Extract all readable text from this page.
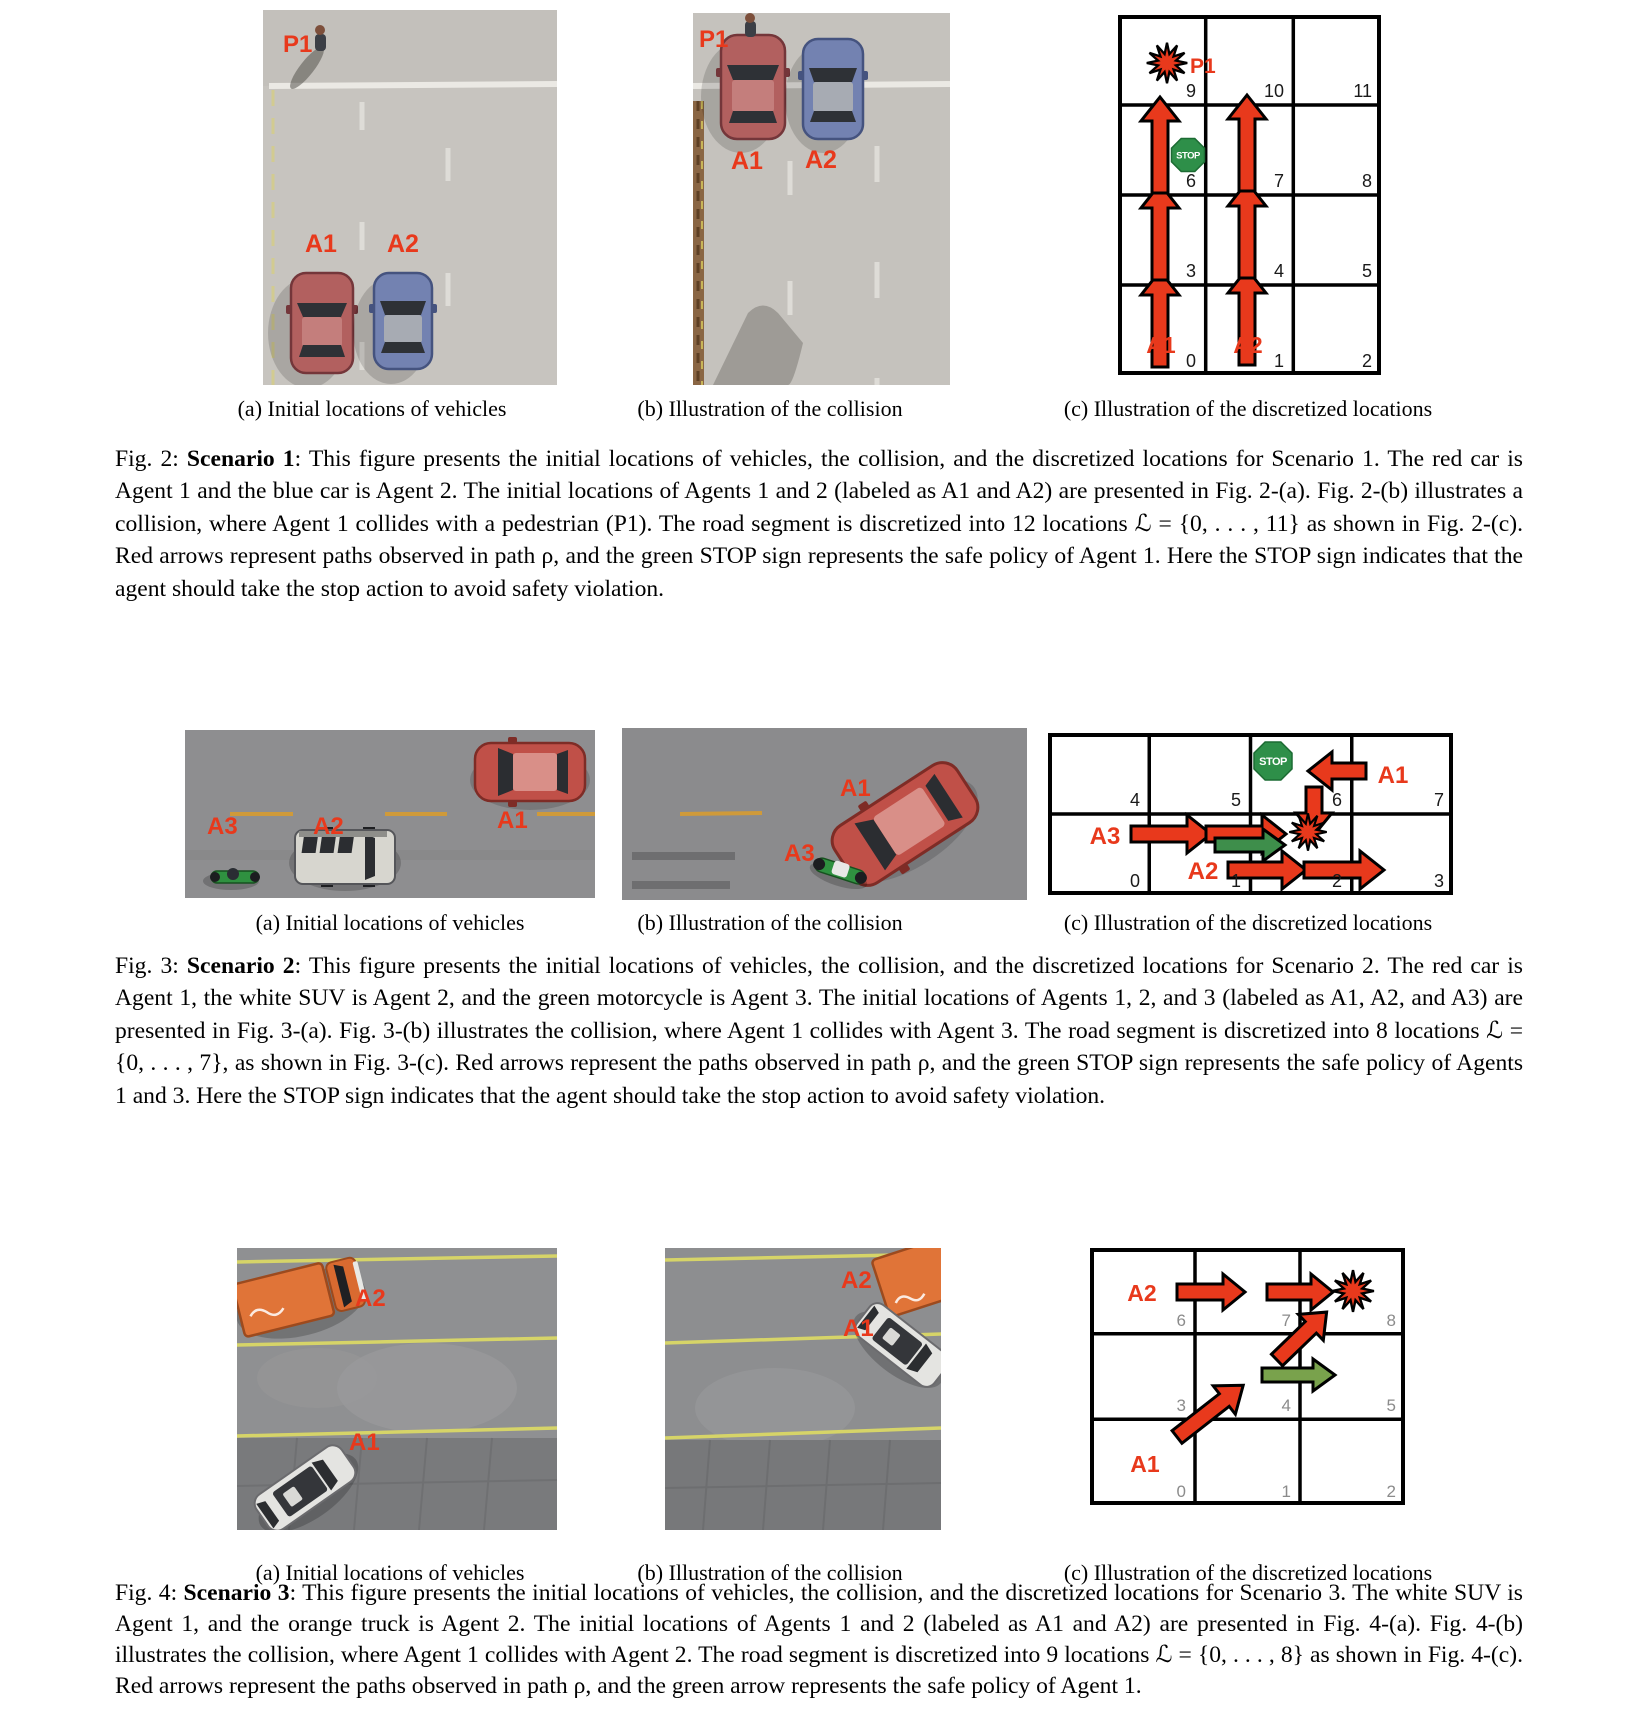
P1
A1 A2
P1
A1 A2	STOP
P1
A1	A2
9	10	11
6	7	8
3	4	5
0	1	2
(a) Initial locations of vehicles	(b) Illustration of the collision	(c) Illustration of the discretized locations
Fig. 2: Scenario 1: This figure presents the initial locations of vehicles, the collision, and the discretized locations for Scenario 1. The red car is Agent 1 and the blue car is Agent 2. The initial locations of Agents 1 and 2 (labeled as A1 and A2) are presented in Fig. 2-(a). Fig. 2-(b) illustrates a collision, where Agent 1 collides with a pedestrian (P1). The road segment is discretized into 12 locations ℒ = {0, . . . , 11} as shown in Fig. 2-(c). Red arrows represent paths observed in path ρ, and the green STOP sign represents the safe policy of Agent 1. Here the STOP sign indicates that the agent should take the stop action to avoid safety violation.
A3	A2	A1
A1
A3
STOP	A1
A3
A2
4	5	6	7
0	1	2	3
(a) Initial locations of vehicles	(b) Illustration of the collision	(c) Illustration of the discretized locations
Fig. 3: Scenario 2: This figure presents the initial locations of vehicles, the collision, and the discretized locations for Scenario 2. The red car is Agent 1, the white SUV is Agent 2, and the green motorcycle is Agent 3. The initial locations of Agents 1, 2, and 3 (labeled as A1, A2, and A3) are presented in Fig. 3-(a). Fig. 3-(b) illustrates the collision, where Agent 1 collides with Agent 3. The road segment is discretized into 8 locations ℒ = {0, . . . , 7}, as shown in Fig. 3-(c). Red arrows represent the paths observed in path ρ, and the green STOP sign represents the safe policy of Agents 1 and 3. Here the STOP sign indicates that the agent should take the stop action to avoid safety violation.
A2
A1
A2
A1
A2
A1
6	7	8
3	4	5
0	1	2
(a) Initial locations of vehicles	(b) Illustration of the collision	(c) Illustration of the discretized locations
Fig. 4: Scenario 3: This figure presents the initial locations of vehicles, the collision, and the discretized locations for Scenario 3. The white SUV is Agent 1, and the orange truck is Agent 2. The initial locations of Agents 1 and 2 (labeled as A1 and A2) are presented in Fig. 4-(a). Fig. 4-(b) illustrates the collision, where Agent 1 collides with Agent 2. The road segment is discretized into 9 locations ℒ = {0, . . . , 8} as shown in Fig. 4-(c). Red arrows represent the paths observed in path ρ, and the green arrow represents the safe policy of Agent 1.
